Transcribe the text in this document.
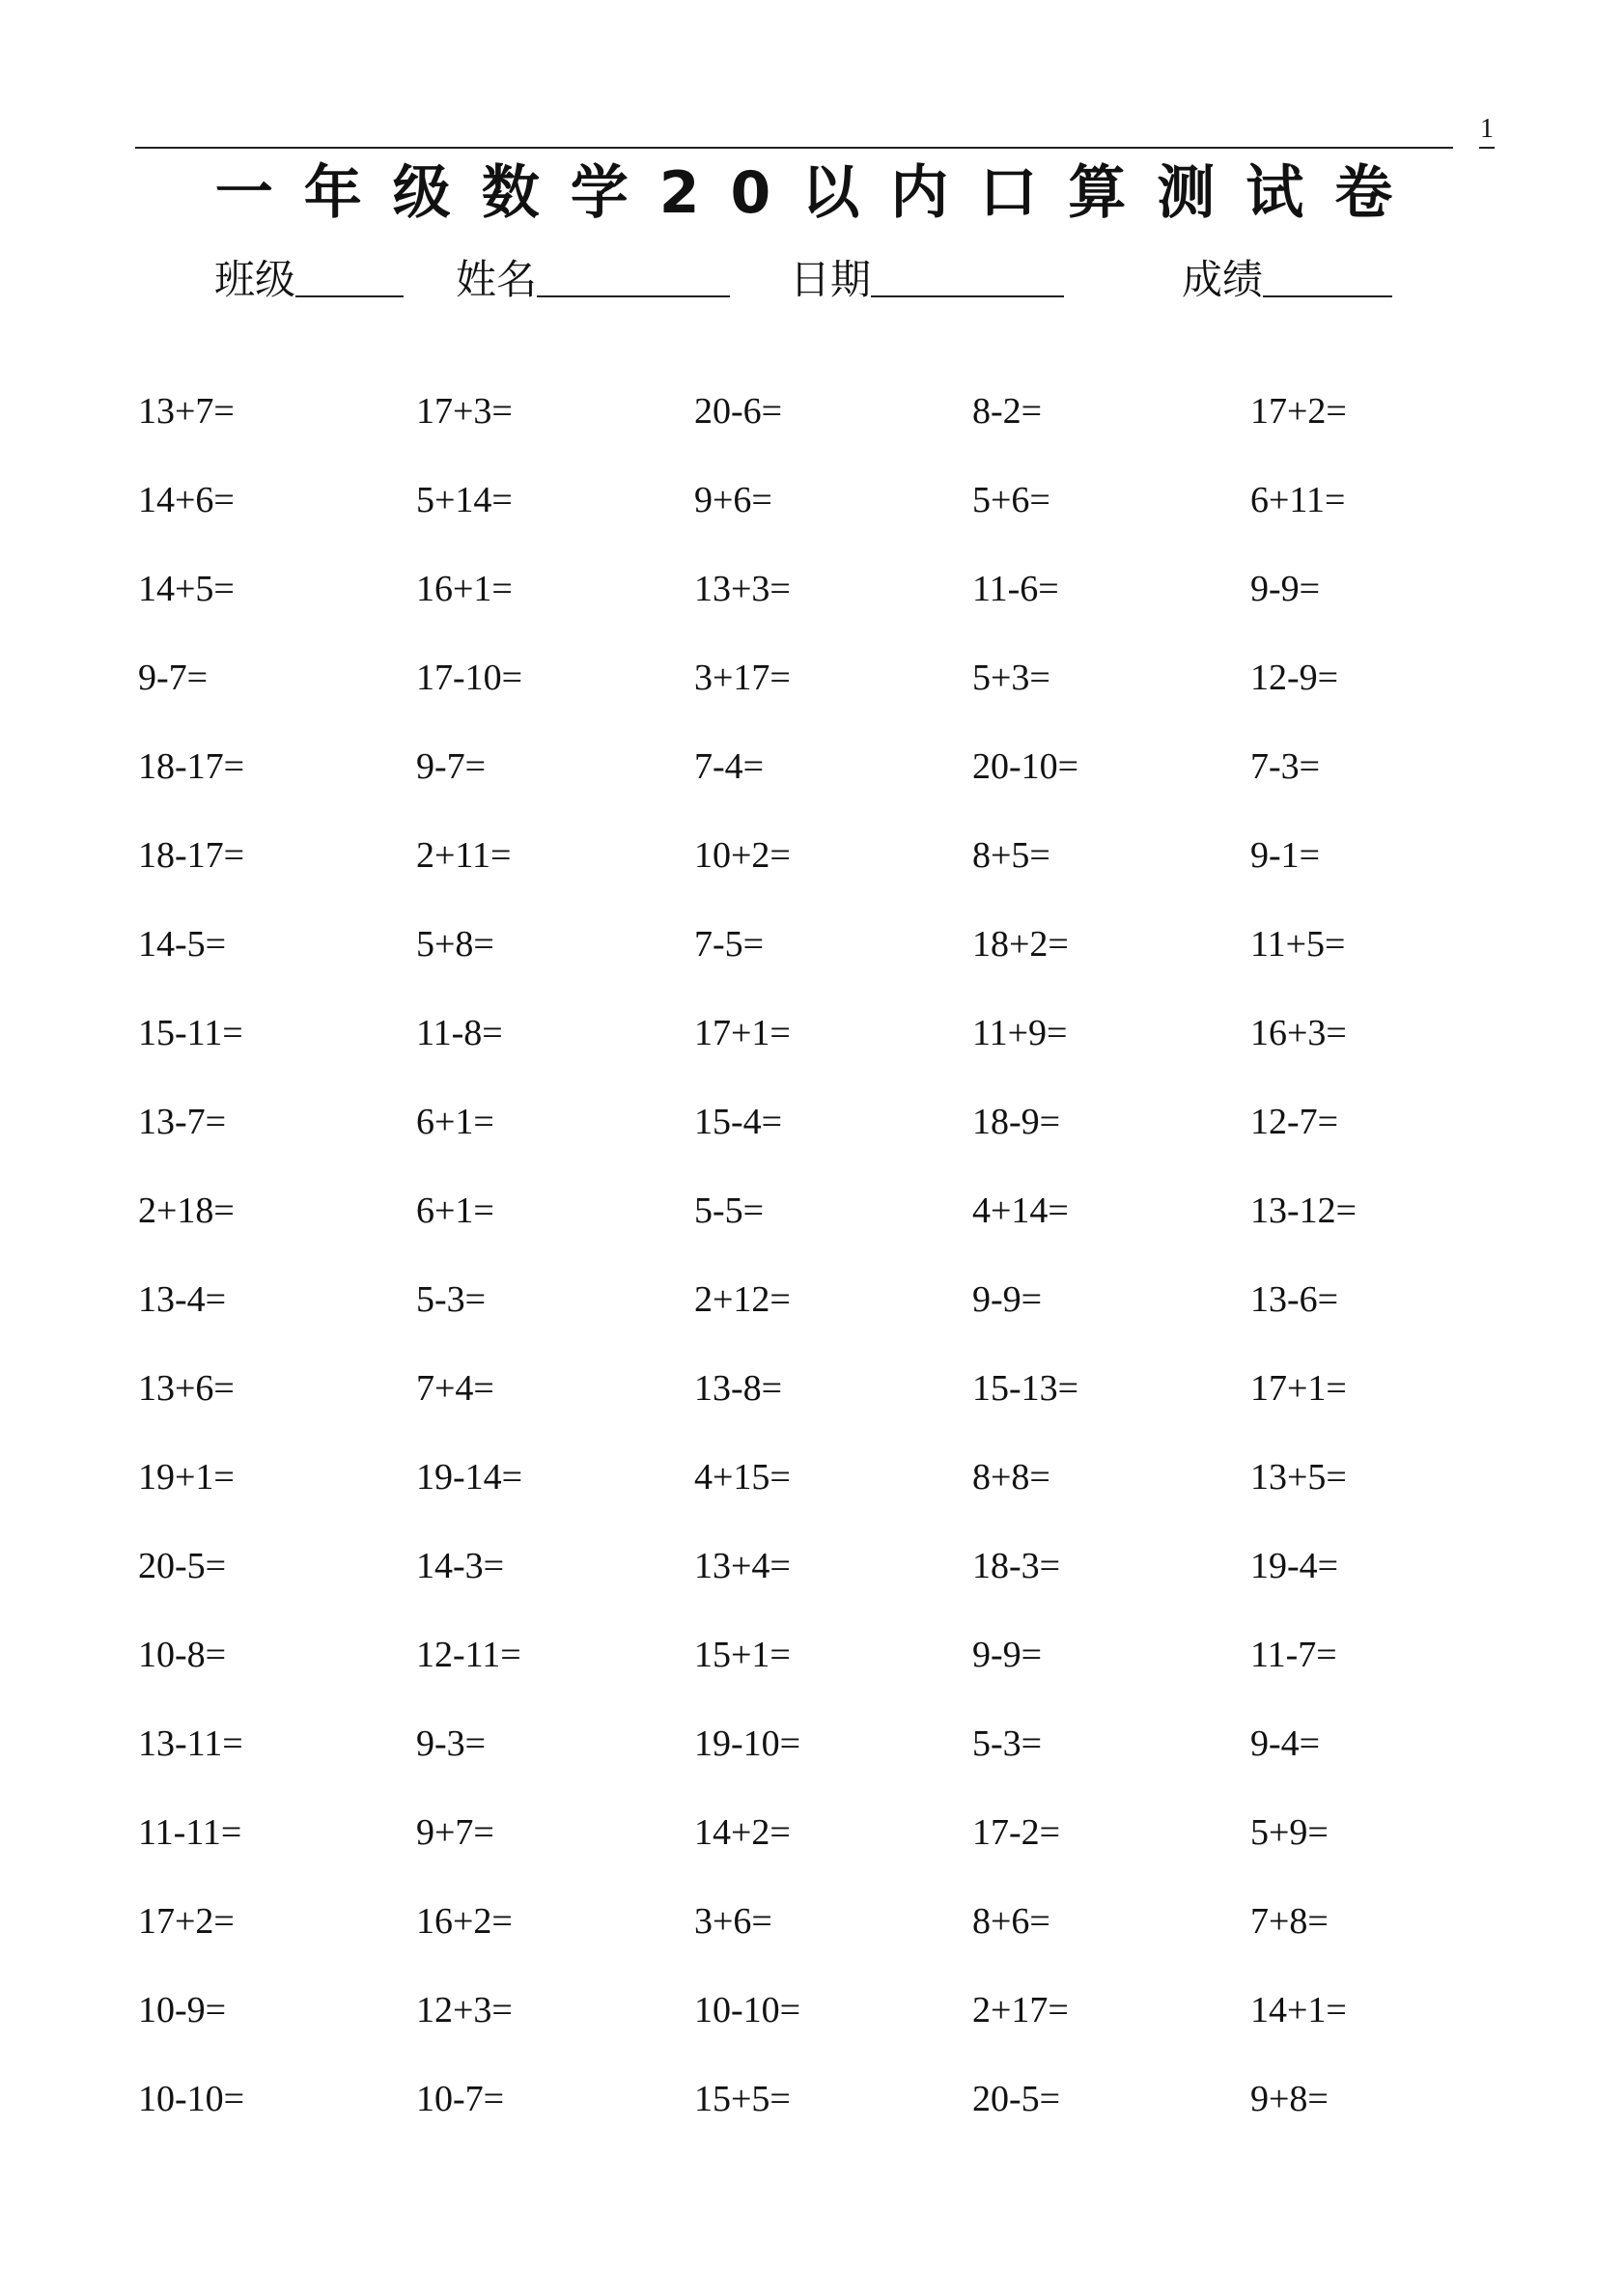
1
一年级数学20以内口算测试卷
班级	姓名	日期	成绩
13+7=	17+3=	20-6=	8-2=	17+2=
14+6=	5+14=	9+6=	5+6=	6+11=
14+5=	16+1=	13+3=	11-6=	9-9=
9-7=	17-10=	3+17=	5+3=	12-9=
18-17=	9-7=	7-4=	20-10=	7-3=
18-17=	2+11=	10+2=	8+5=	9-1=
14-5=	5+8=	7-5=	18+2=	11+5=
15-11=	11-8=	17+1=	11+9=	16+3=
13-7=	6+1=	15-4=	18-9=	12-7=
2+18=	6+1=	5-5=	4+14=	13-12=
13-4=	5-3=	2+12=	9-9=	13-6=
13+6=	7+4=	13-8=	15-13=	17+1=
19+1=	19-14=	4+15=	8+8=	13+5=
20-5=	14-3=	13+4=	18-3=	19-4=
10-8=	12-11=	15+1=	9-9=	11-7=
13-11=	9-3=	19-10=	5-3=	9-4=
11-11=	9+7=	14+2=	17-2=	5+9=
17+2=	16+2=	3+6=	8+6=	7+8=
10-9=	12+3=	10-10=	2+17=	14+1=
10-10=	10-7=	15+5=	20-5=	9+8=
